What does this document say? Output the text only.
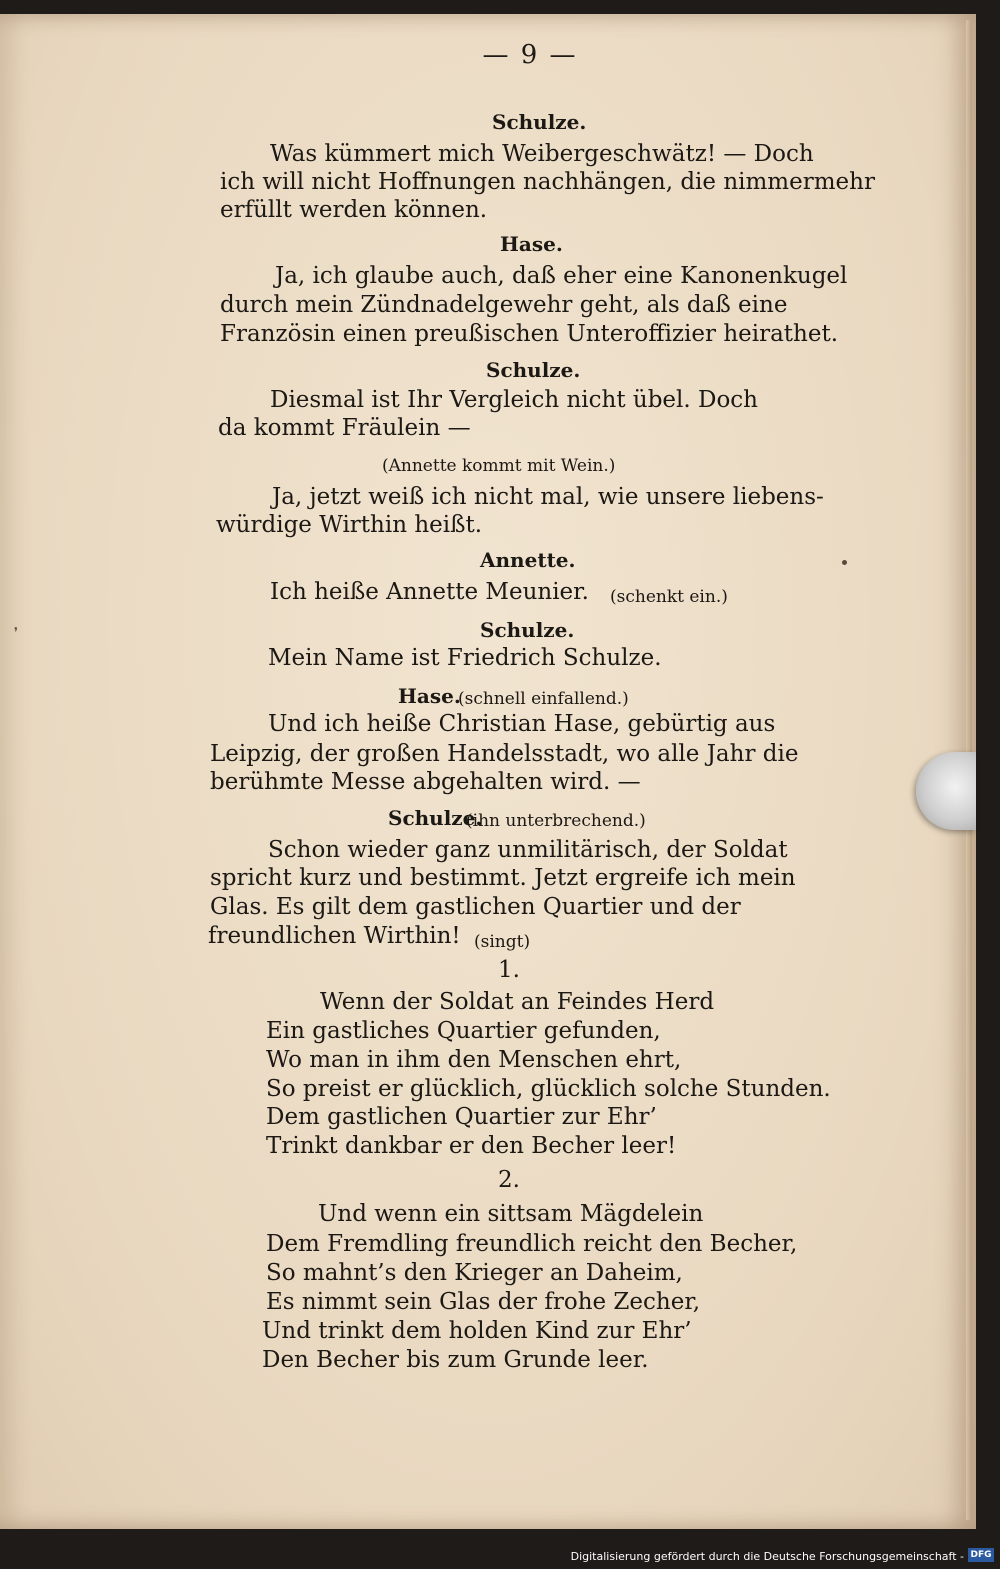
❜
— 9 —
Schulze.
Was kümmert mich Weibergeschwätz! — Doch
ich will nicht Hoffnungen nachhängen, die nimmermehr
erfüllt werden können.
Hase.
Ja, ich glaube auch, daß eher eine Kanonenkugel
durch mein Zündnadelgewehr geht, als daß eine
Französin einen preußischen Unteroffizier heirathet.
Schulze.
Diesmal ist Ihr Vergleich nicht übel. Doch
da kommt Fräulein —
(Annette kommt mit Wein.)
Ja, jetzt weiß ich nicht mal, wie unsere liebens-
würdige Wirthin heißt.
Annette.
Ich heiße Annette Meunier. (schenkt ein.)
Schulze.
Mein Name ist Friedrich Schulze.
Hase.
(schnell einfallend.)
Und ich heiße Christian Hase, gebürtig aus
Leipzig, der großen Handelsstadt, wo alle Jahr die
berühmte Messe abgehalten wird. —
Schulze.
(ihn unterbrechend.)
Schon wieder ganz unmilitärisch, der Soldat
spricht kurz und bestimmt. Jetzt ergreife ich mein
Glas. Es gilt dem gastlichen Quartier und der
freundlichen Wirthin! (singt)
1.
Wenn der Soldat an Feindes Herd
Ein gastliches Quartier gefunden,
Wo man in ihm den Menschen ehrt,
So preist er glücklich, glücklich solche Stunden.
Dem gastlichen Quartier zur Ehr’
Trinkt dankbar er den Becher leer!
2.
Und wenn ein sittsam Mägdelein
Dem Fremdling freundlich reicht den Becher,
So mahnt’s den Krieger an Daheim,
Es nimmt sein Glas der frohe Zecher,
Und trinkt dem holden Kind zur Ehr’
Den Becher bis zum Grunde leer.
Digitalisierung gefördert durch die Deutsche Forschungsgemeinschaft - DFG
